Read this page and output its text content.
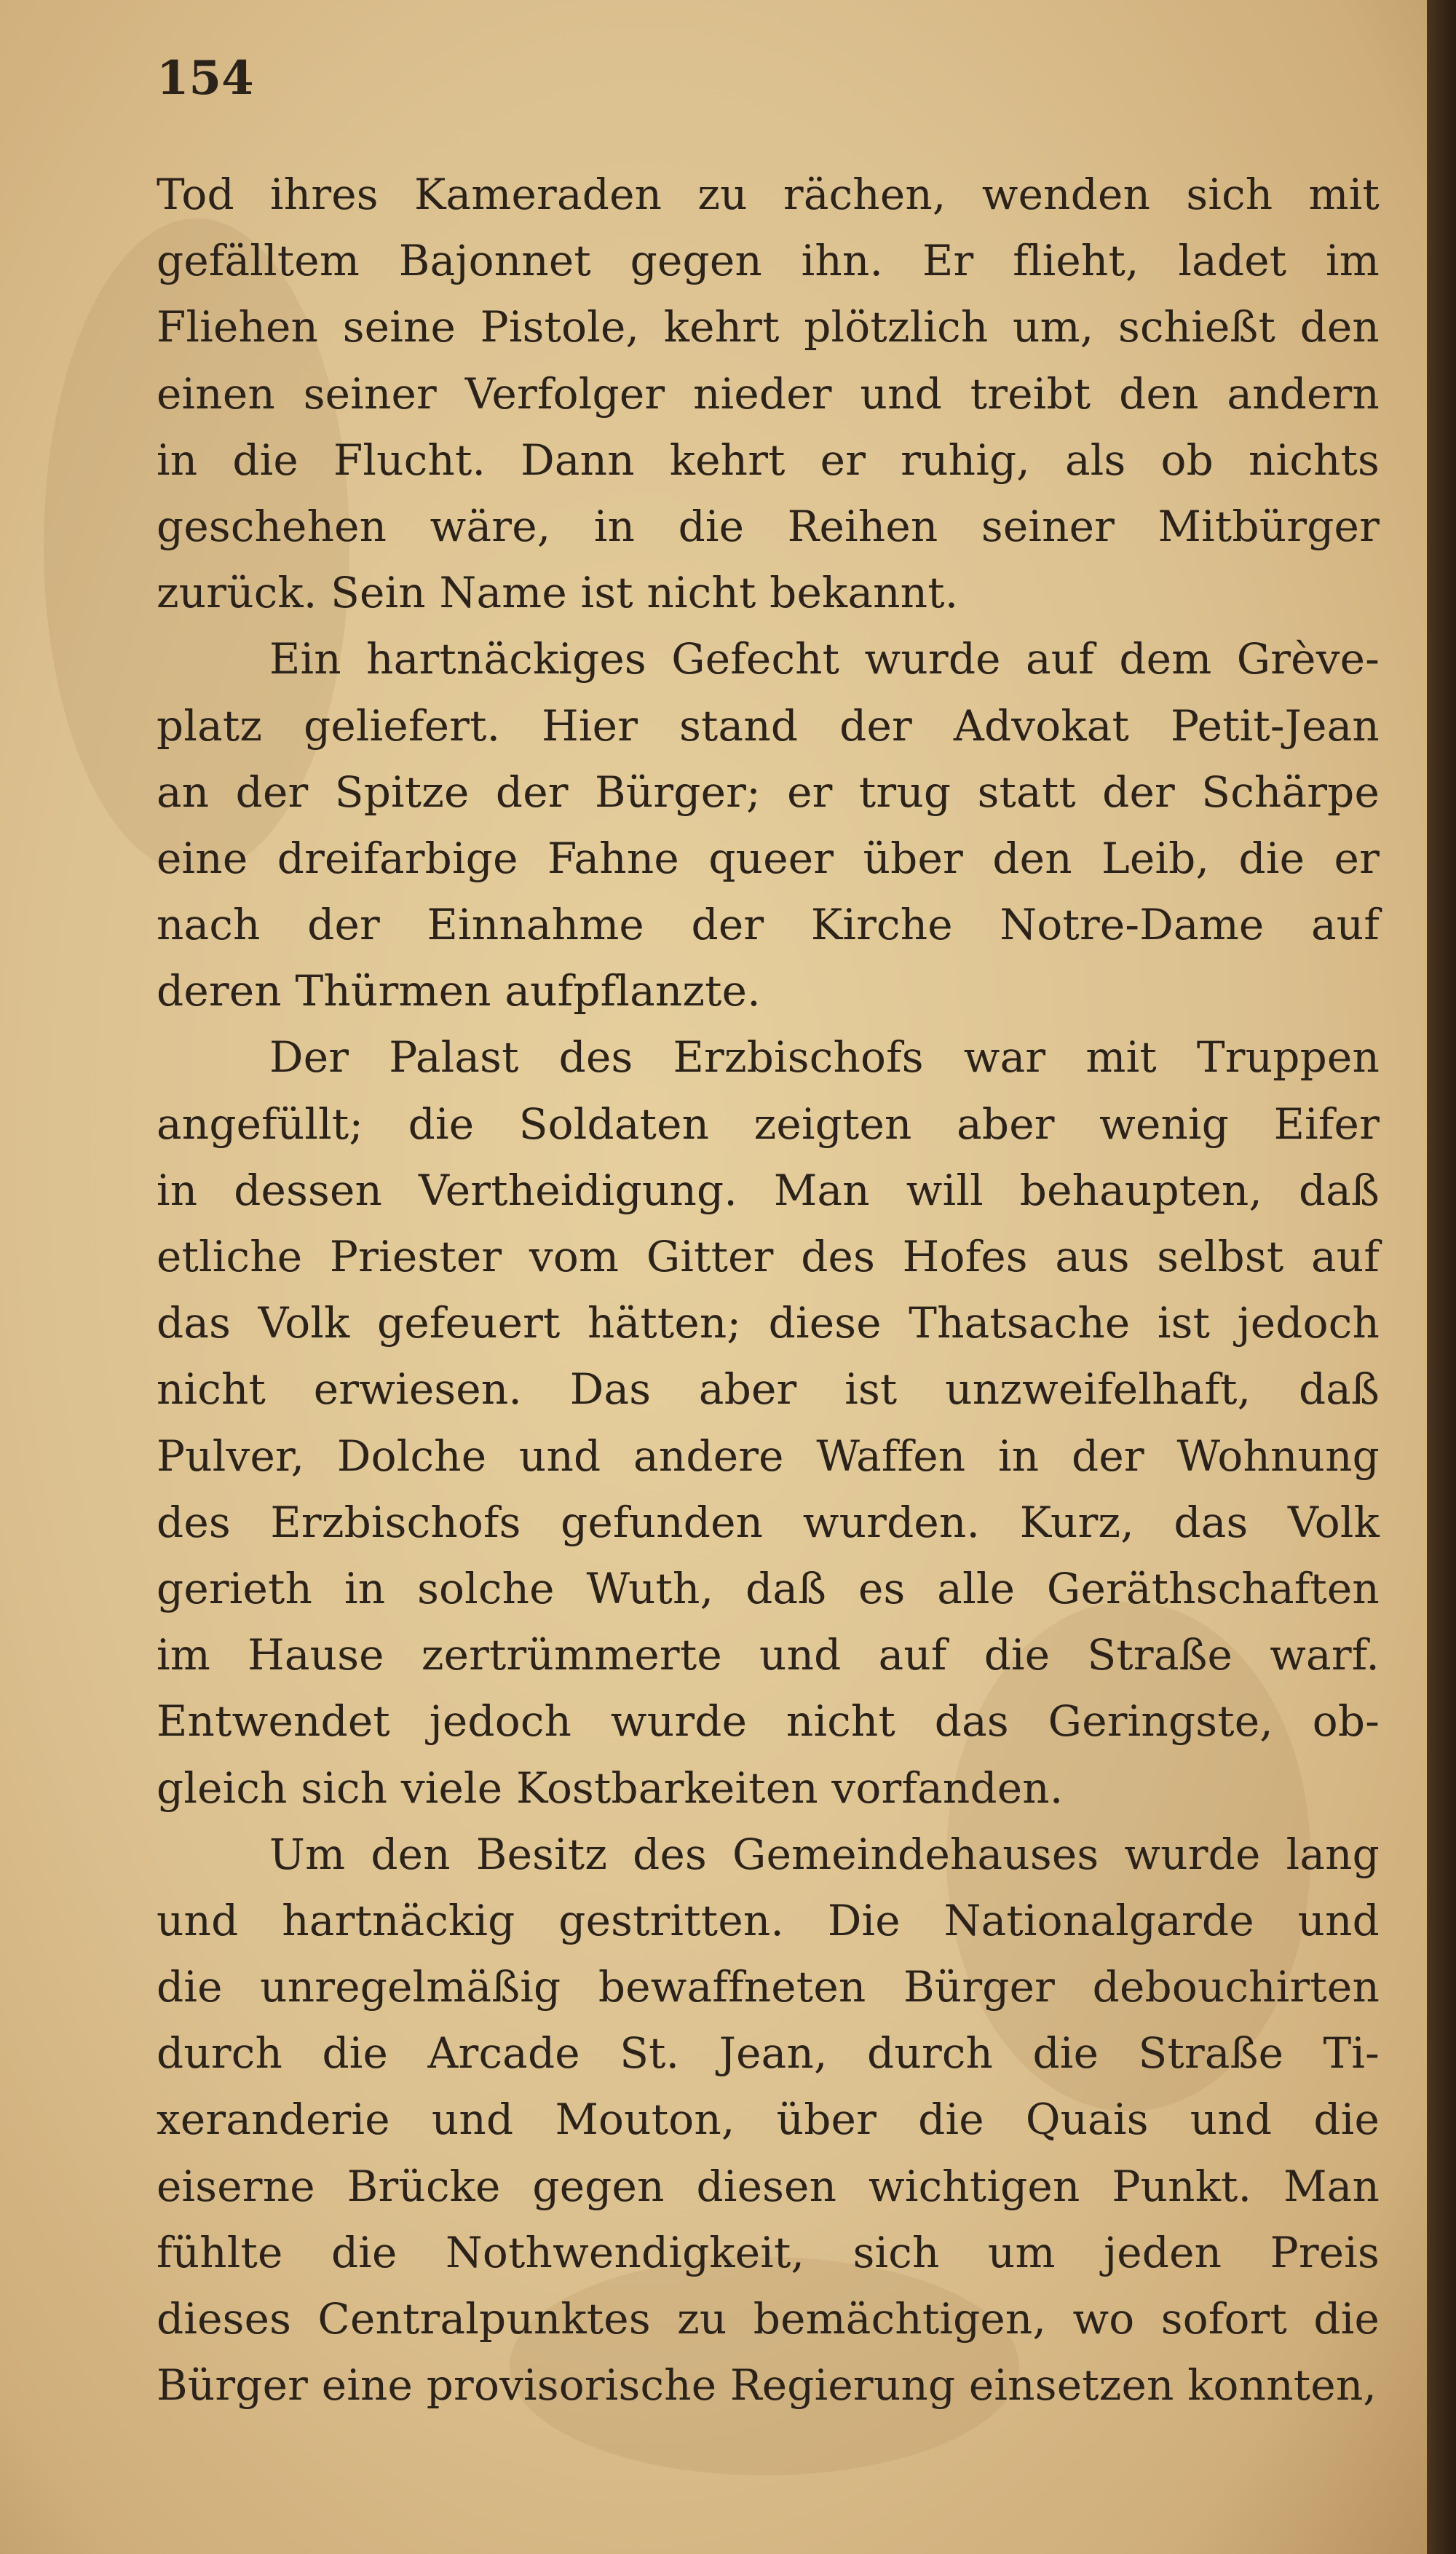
154

Tod ihres Kameraden zu rächen, wenden sich mit
gefälltem Bajonnet gegen ihn. Er flieht, ladet im
Fliehen seine Pistole, kehrt plötzlich um, schießt den
einen seiner Verfolger nieder und treibt den andern
in die Flucht. Dann kehrt er ruhig, als ob nichts
geschehen wäre, in die Reihen seiner Mitbürger
zurück. Sein Name ist nicht bekannt.
Ein hartnäckiges Gefecht wurde auf dem Grève-
platz geliefert. Hier stand der Advokat Petit-Jean
an der Spitze der Bürger; er trug statt der Schärpe
eine dreifarbige Fahne queer über den Leib, die er
nach der Einnahme der Kirche Notre-Dame auf
deren Thürmen aufpflanzte.
Der Palast des Erzbischofs war mit Truppen
angefüllt; die Soldaten zeigten aber wenig Eifer
in dessen Vertheidigung. Man will behaupten, daß
etliche Priester vom Gitter des Hofes aus selbst auf
das Volk gefeuert hätten; diese Thatsache ist jedoch
nicht erwiesen. Das aber ist unzweifelhaft, daß
Pulver, Dolche und andere Waffen in der Wohnung
des Erzbischofs gefunden wurden. Kurz, das Volk
gerieth in solche Wuth, daß es alle Geräthschaften
im Hause zertrümmerte und auf die Straße warf.
Entwendet jedoch wurde nicht das Geringste, ob-
gleich sich viele Kostbarkeiten vorfanden.
Um den Besitz des Gemeindehauses wurde lang
und hartnäckig gestritten. Die Nationalgarde und
die unregelmäßig bewaffneten Bürger debouchirten
durch die Arcade St. Jean, durch die Straße Ti-
xeranderie und Mouton, über die Quais und die
eiserne Brücke gegen diesen wichtigen Punkt. Man
fühlte die Nothwendigkeit, sich um jeden Preis
dieses Centralpunktes zu bemächtigen, wo sofort die
Bürger eine provisorische Regierung einsetzen konnten,
